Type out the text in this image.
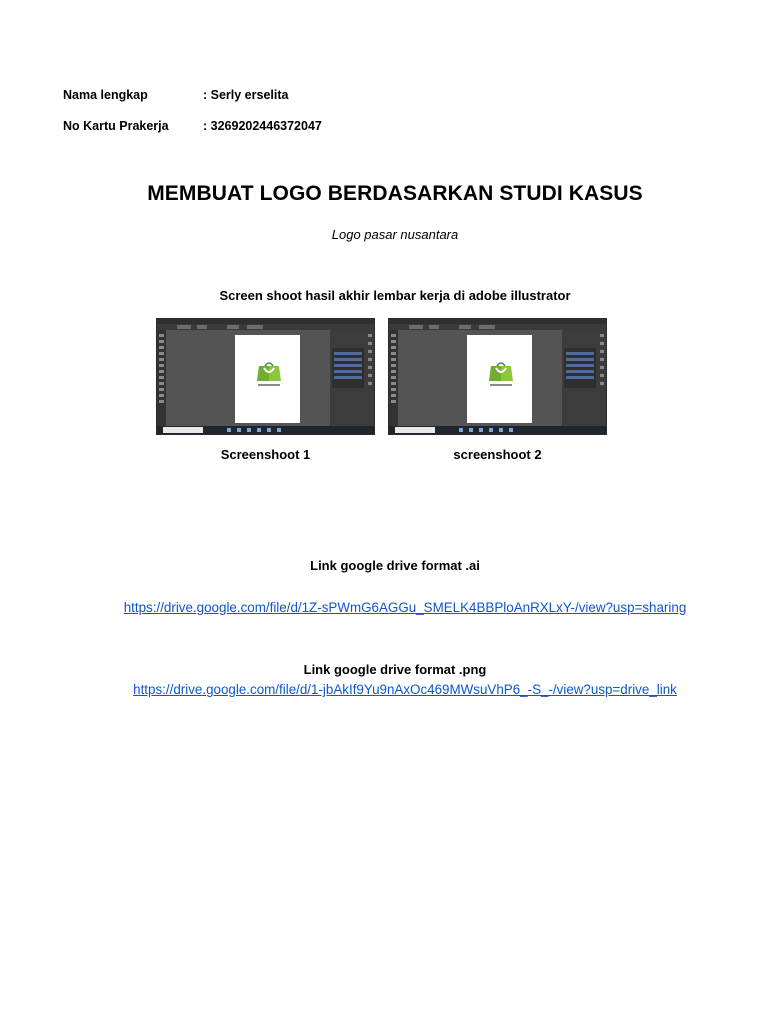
Nama lengkap	: Serly erselita
No Kartu Prakerja	: 3269202446372047
MEMBUAT LOGO BERDASARKAN STUDI KASUS
Logo pasar nusantara
Screen shoot hasil akhir lembar kerja di adobe illustrator
Screenshoot 1	screenshoot 2
Link google drive format .ai
https://drive.google.com/file/d/1Z-sPWmG6AGGu_SMELK4BBPloAnRXLxY-/view?usp=sharing
Link google drive format .png
https://drive.google.com/file/d/1-jbAkIf9Yu9nAxOc469MWsuVhP6_-S_-/view?usp=drive_link
